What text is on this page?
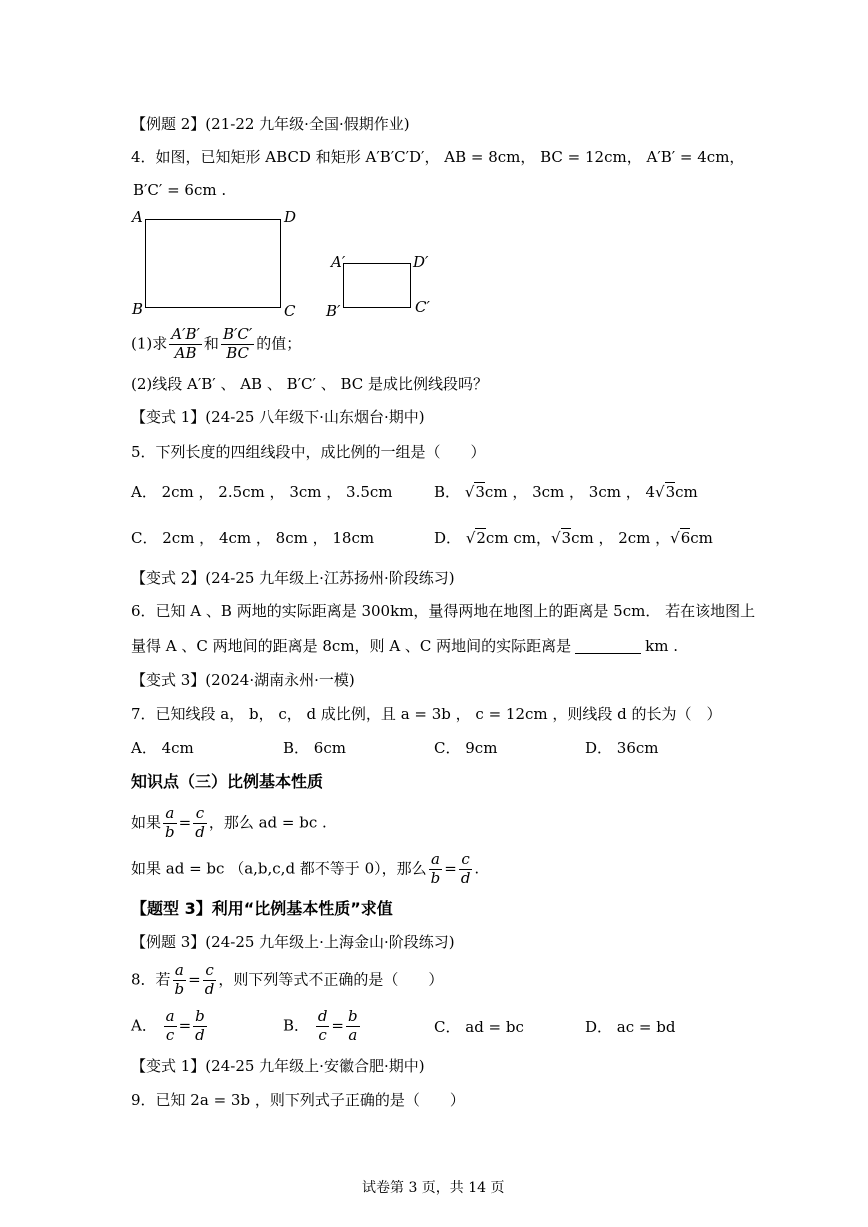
【例题 2】(21-22 九年级·全国·假期作业)
4．如图，已知矩形 ABCD 和矩形 A′B′C′D′， AB = 8cm， BC = 12cm， A′B′ = 4cm，
B′C′ = 6cm .
A	D
B	C
A′	D′
B′	C′
(1)求 $\frac{A'B'}{AB}$ 和 $\frac{B'C'}{BC}$ 的值；
(2)线段 A′B′ 、 AB 、 B′C′ 、 BC 是成比例线段吗？
【变式 1】(24-25 八年级下·山东烟台·期中)
5．下列长度的四组线段中，成比例的一组是（　　）
A． 2cm ， 2.5cm ， 3cm ， 3.5cm	B． √3cm ， 3cm ， 3cm ， 4√3cm
C． 2cm ， 4cm ， 8cm ， 18cm	D． √2cm cm，√3cm ， 2cm ，√6cm
【变式 2】(24-25 九年级上·江苏扬州·阶段练习)
6．已知 A 、B 两地的实际距离是 300km，量得两地在地图上的距离是 5cm． 若在该地图上
量得 A 、C 两地间的距离是 8cm，则 A 、C 两地间的实际距离是	km .
【变式 3】(2024·湖南永州·一模)
7．已知线段 a， b， c， d 成比例，且 a = 3b ， c = 12cm ，则线段 d 的长为（　）
A． 4cm	B． 6cm	C． 9cm	D． 36cm
知识点（三）比例基本性质
如果 $\frac{a}{b} = \frac{c}{d}$ ，那么 ad = bc .
如果 ad = bc （a,b,c,d 都不等于 0），那么 $\frac{a}{b} = \frac{c}{d}$ .
【题型 3】利用“比例基本性质”求值
【例题 3】(24-25 九年级上·上海金山·阶段练习)
8．若 $\frac{a}{b} = \frac{c}{d}$ ，则下列等式不正确的是（　　）
A． $\frac{a}{c} = \frac{b}{d}$	B． $\frac{d}{c} = \frac{b}{a}$	C． ad = bc	D． ac = bd
【变式 1】(24-25 九年级上·安徽合肥·期中)
9．已知 2a = 3b ，则下列式子正确的是（　　）
试卷第 3 页，共 14 页
